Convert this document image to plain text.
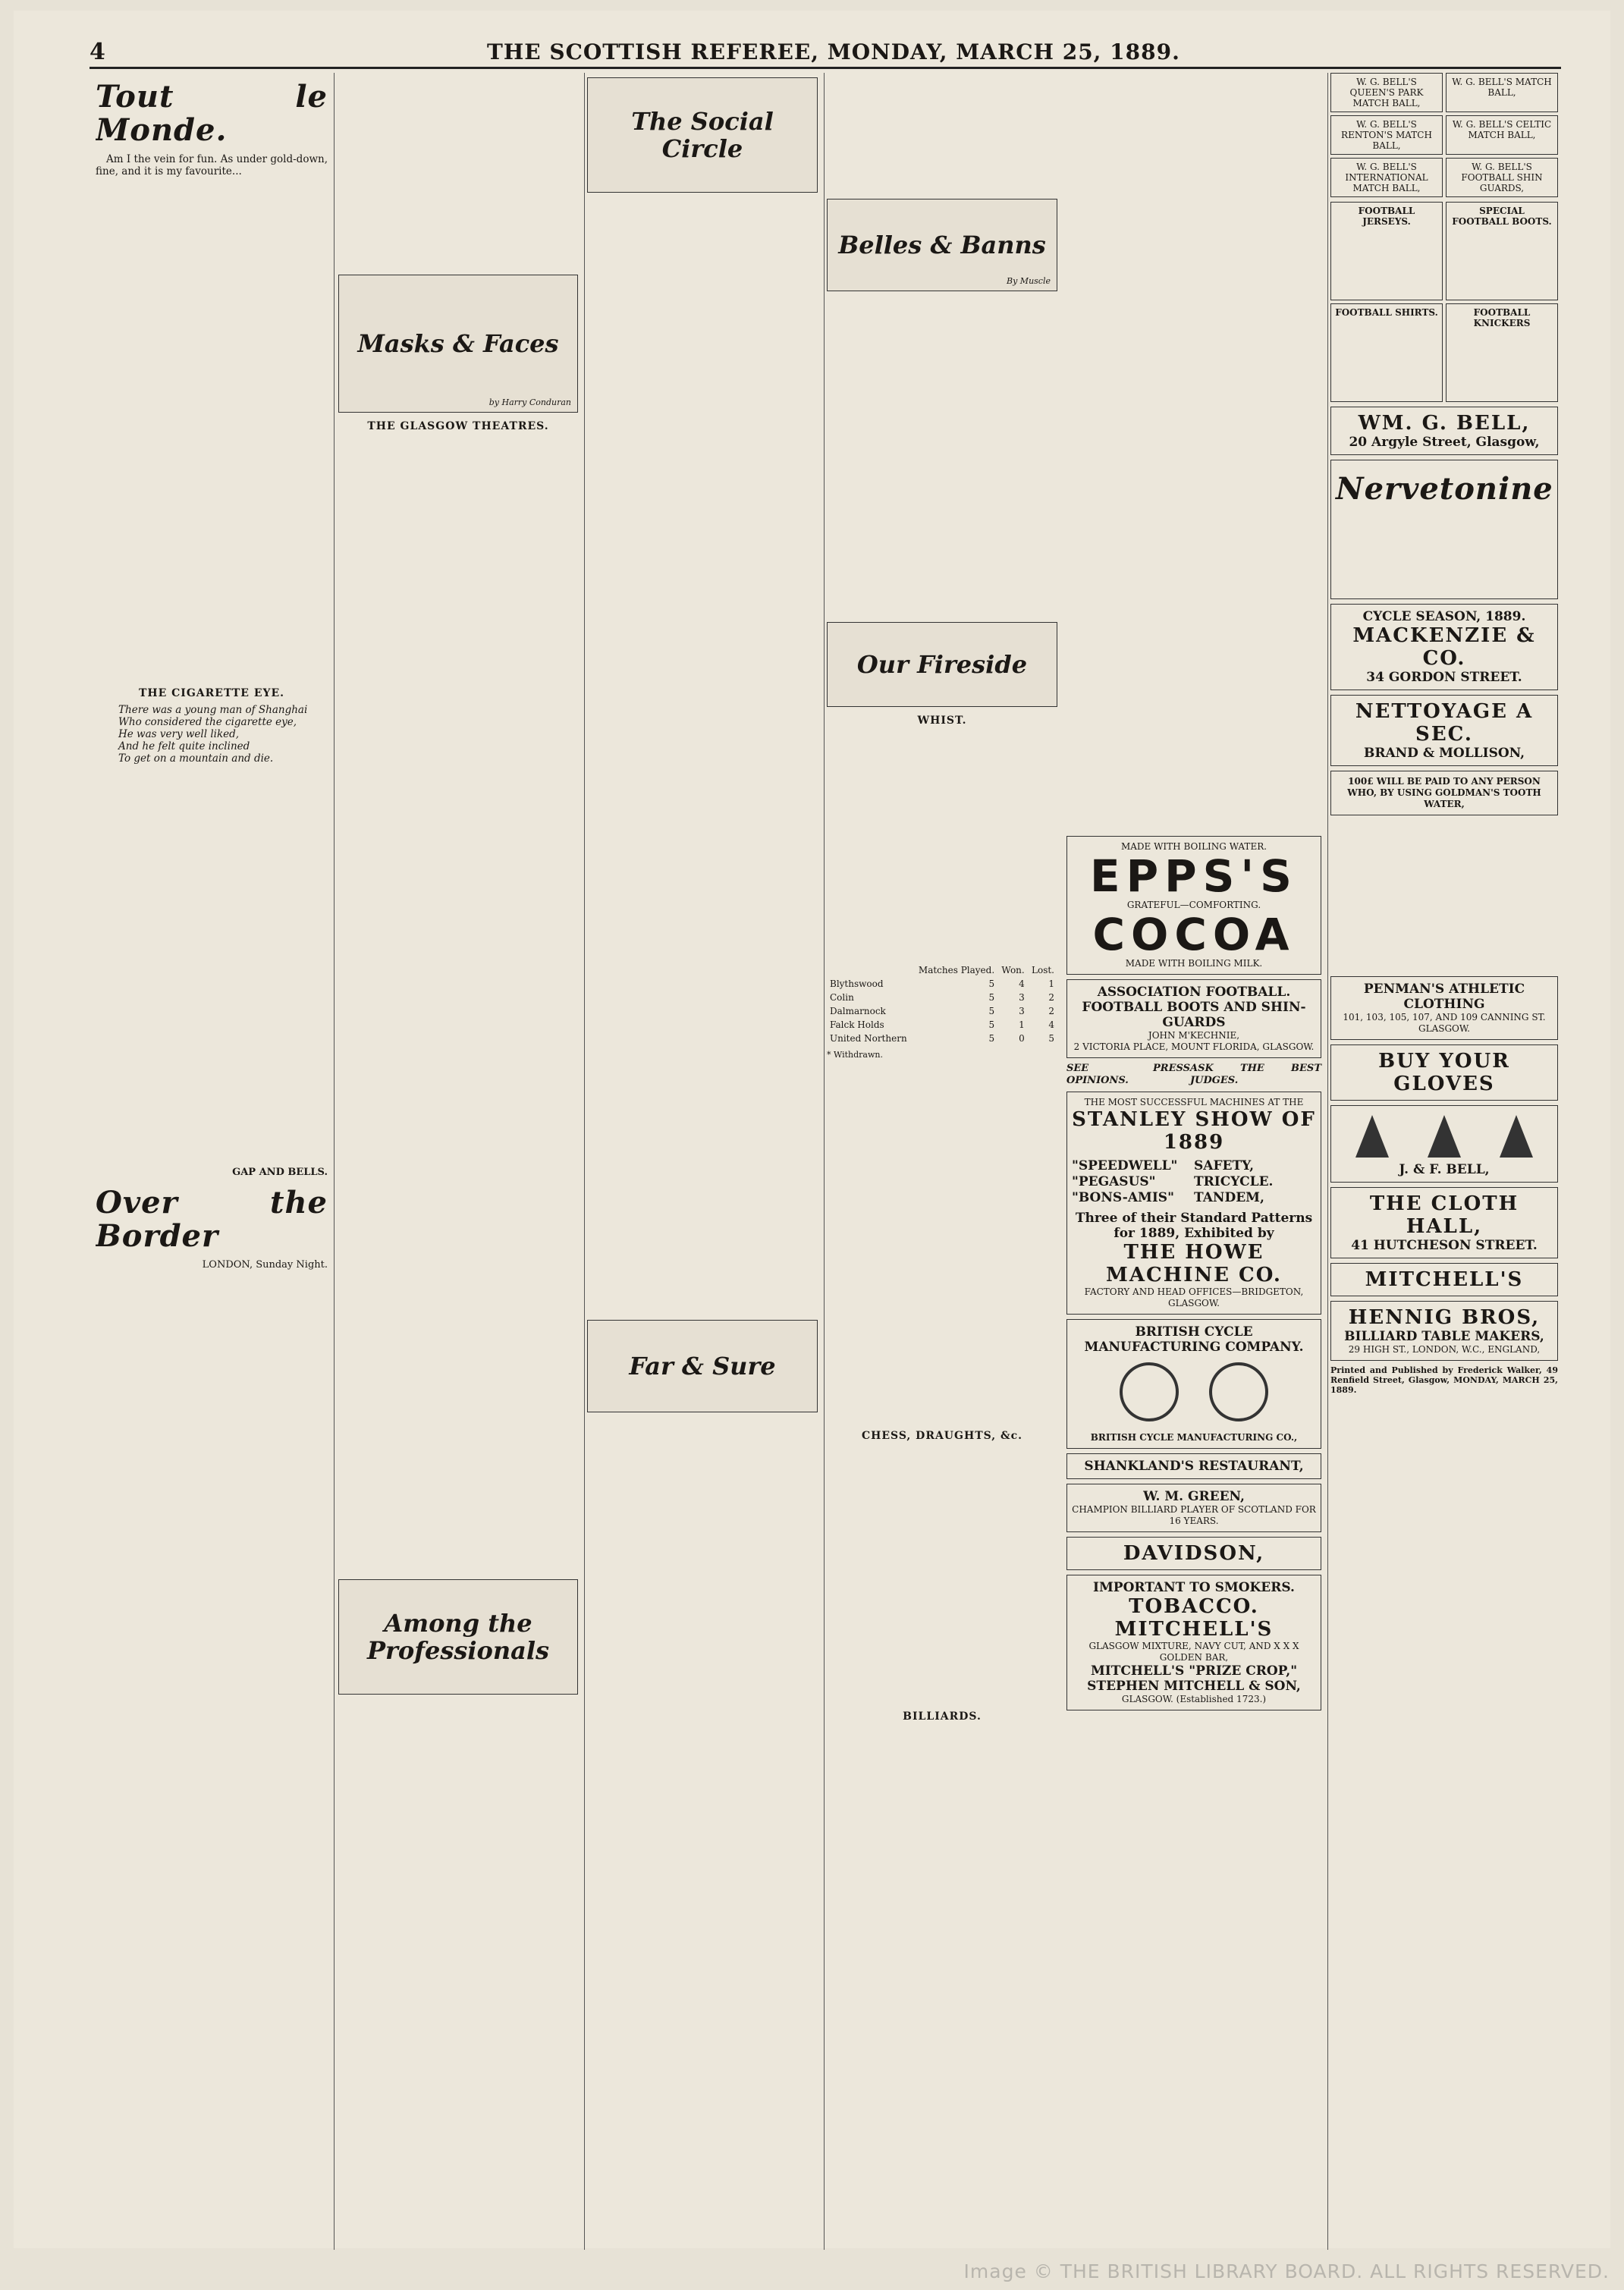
4	THE SCOTTISH REFEREE, MONDAY, MARCH 25, 1889.
Tout le Monde.

Am I the vein for fun. As under gold-down, fine, and it is my favourite...

THE CIGARETTE EYE.
There was a young man of Shanghai
Who considered the cigarette eye,
He was very well liked,
And he felt quite inclined
To get on a mountain and die.
GAP AND BELLS.
Over the Border
LONDON, Sunday Night.
Masks & Faces
by Harry Conduran
THE GLASGOW THEATRES.
Among the Professionals
The Social Circle
Far & Sure
Belles & Banns
By Muscle
Our Fireside
WHIST.
	Matches Played.	Won.	Lost.
Blythswood	5	4	1
Colin	5	3	2
Dalmarnock	5	3	2
Falck Holds	5	1	4
United Northern	5	0	5
* Withdrawn.
CHESS, DRAUGHTS, &c.
BILLIARDS.
MADE WITH BOILING WATER.
EPPS'S
GRATEFUL—COMFORTING.
COCOA
MADE WITH BOILING MILK.
ASSOCIATION FOOTBALL. FOOTBALL BOOTS AND SHIN-GUARDS
JOHN M'KECHNIE,
2 VICTORIA PLACE, MOUNT FLORIDA, GLASGOW.
SEE PRESS OPINIONS.
ASK THE BEST JUDGES.
THE MOST SUCCESSFUL MACHINES AT THE
STANLEY SHOW OF 1889
"SPEEDWELL"	SAFETY,
"PEGASUS"	TRICYCLE.
"BONS-AMIS"	TANDEM,
Three of their Standard Patterns for 1889, Exhibited by
THE HOWE MACHINE CO.
FACTORY AND HEAD OFFICES—BRIDGETON, GLASGOW.
BRITISH CYCLE MANUFACTURING COMPANY.

BRITISH CYCLE MANUFACTURING CO.,
SHANKLAND'S RESTAURANT,
W. M. GREEN,
CHAMPION BILLIARD PLAYER OF SCOTLAND FOR 16 YEARS.
DAVIDSON,
IMPORTANT TO SMOKERS.
TOBACCO.
MITCHELL'S
GLASGOW MIXTURE, NAVY CUT, AND X X X GOLDEN BAR,
MITCHELL'S "PRIZE CROP,"
STEPHEN MITCHELL & SON,
GLASGOW. (Established 1723.)
W. G. BELL'S QUEEN'S PARK MATCH BALL,
W. G. BELL'S MATCH BALL,
W. G. BELL'S RENTON'S MATCH BALL,
W. G. BELL'S CELTIC MATCH BALL,
W. G. BELL'S INTERNATIONAL MATCH BALL,
W. G. BELL'S FOOTBALL SHIN GUARDS,
FOOTBALL JERSEYS.
SPECIAL FOOTBALL BOOTS.
FOOTBALL SHIRTS.	FOOTBALL KNICKERS
WM. G. BELL,
20 Argyle Street, Glasgow,
Nervetonine
CYCLE SEASON, 1889.
MACKENZIE & CO.
34 GORDON STREET.
NETTOYAGE A SEC.
BRAND & MOLLISON,
100£ WILL BE PAID TO ANY PERSON WHO, BY USING GOLDMAN'S TOOTH WATER,
PENMAN'S ATHLETIC CLOTHING
101, 103, 105, 107, AND 109 CANNING ST. GLASGOW.
BUY YOUR GLOVES
J. & F. BELL,
THE CLOTH HALL,
41 HUTCHESON STREET.
MITCHELL'S
HENNIG BROS,
BILLIARD TABLE MAKERS,
29 HIGH ST., LONDON, W.C., ENGLAND,
Printed and Published by Frederick Walker, 49 Renfield Street, Glasgow, MONDAY, MARCH 25, 1889.
Image © THE BRITISH LIBRARY BOARD. ALL RIGHTS RESERVED.
